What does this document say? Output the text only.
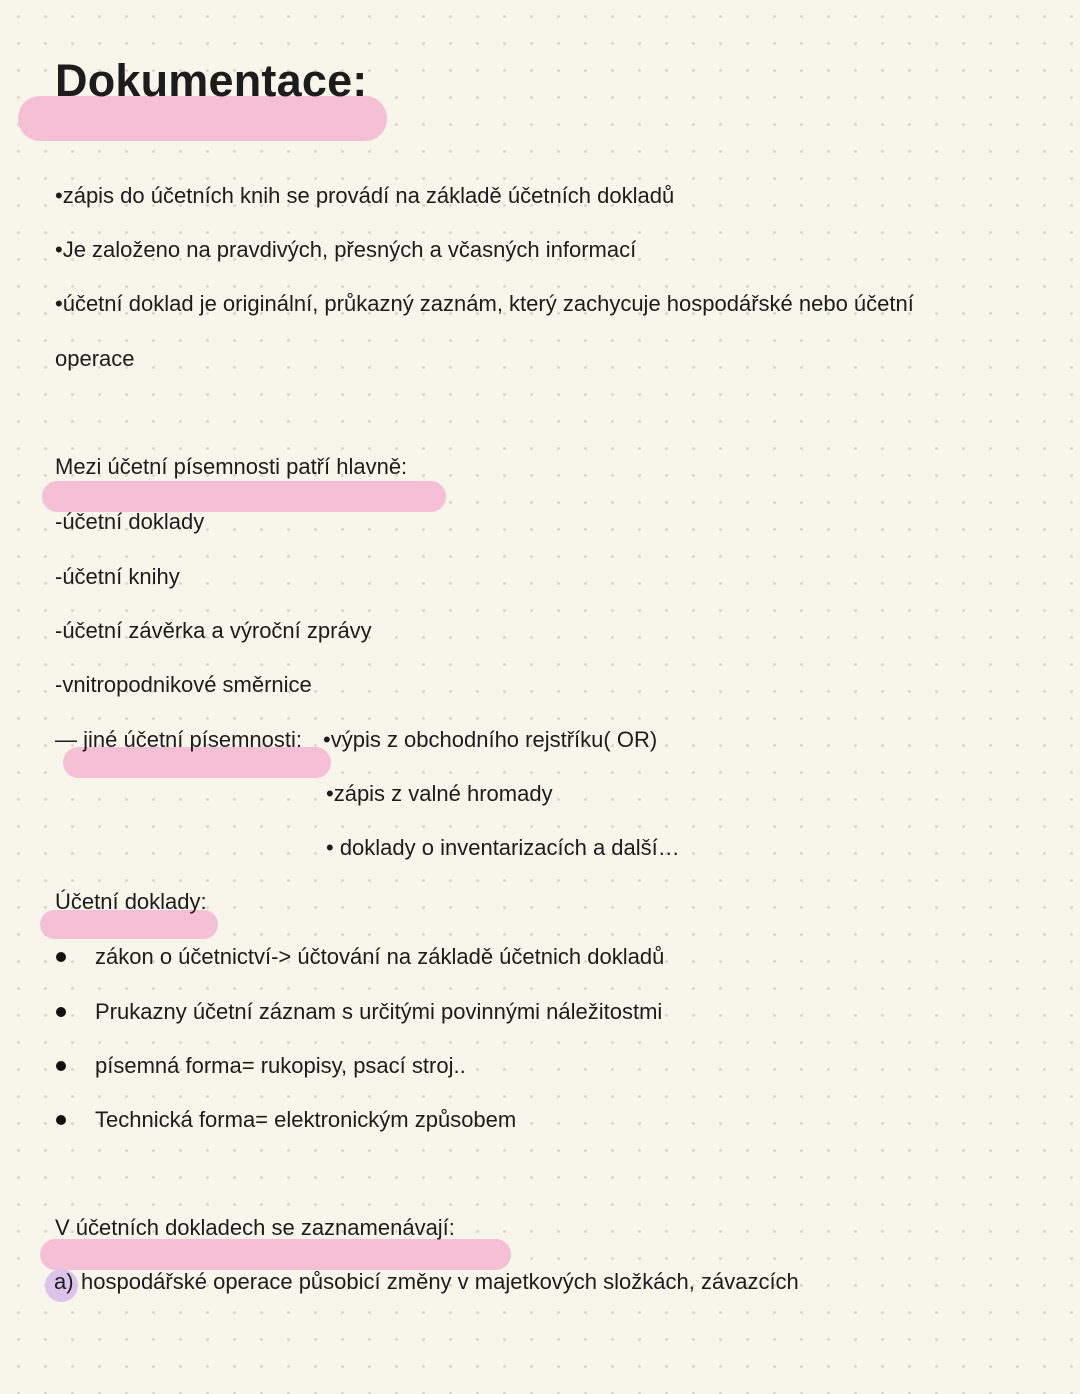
Dokumentace:
•zápis do účetních knih se provádí na základě účetních dokladů
•Je založeno na pravdivých, přesných a včasných informací
•účetní doklad je originální, průkazný zaznám, který zachycuje hospodářské nebo účetní
operace
Mezi účetní písemnosti patří hlavně:
-účetní doklady
-účetní knihy
-účetní závěrka a výroční zprávy
-vnitropodnikové směrnice
— jiné účetní písemnosti: •výpis z obchodního rejstříku( OR)
•zápis z valné hromady
• doklady o inventarizacích a další…
Účetní doklady:
zákon o účetnictví-> účtování na základě účetnich dokladů
Prukazny účetní záznam s určitými povinnými náležitostmi
písemná forma= rukopisy, psací stroj..
Technická forma= elektronickým způsobem
V účetních dokladech se zaznamenávají:
a) hospodářské operace působicí změny v majetkových složkách, závazcích
